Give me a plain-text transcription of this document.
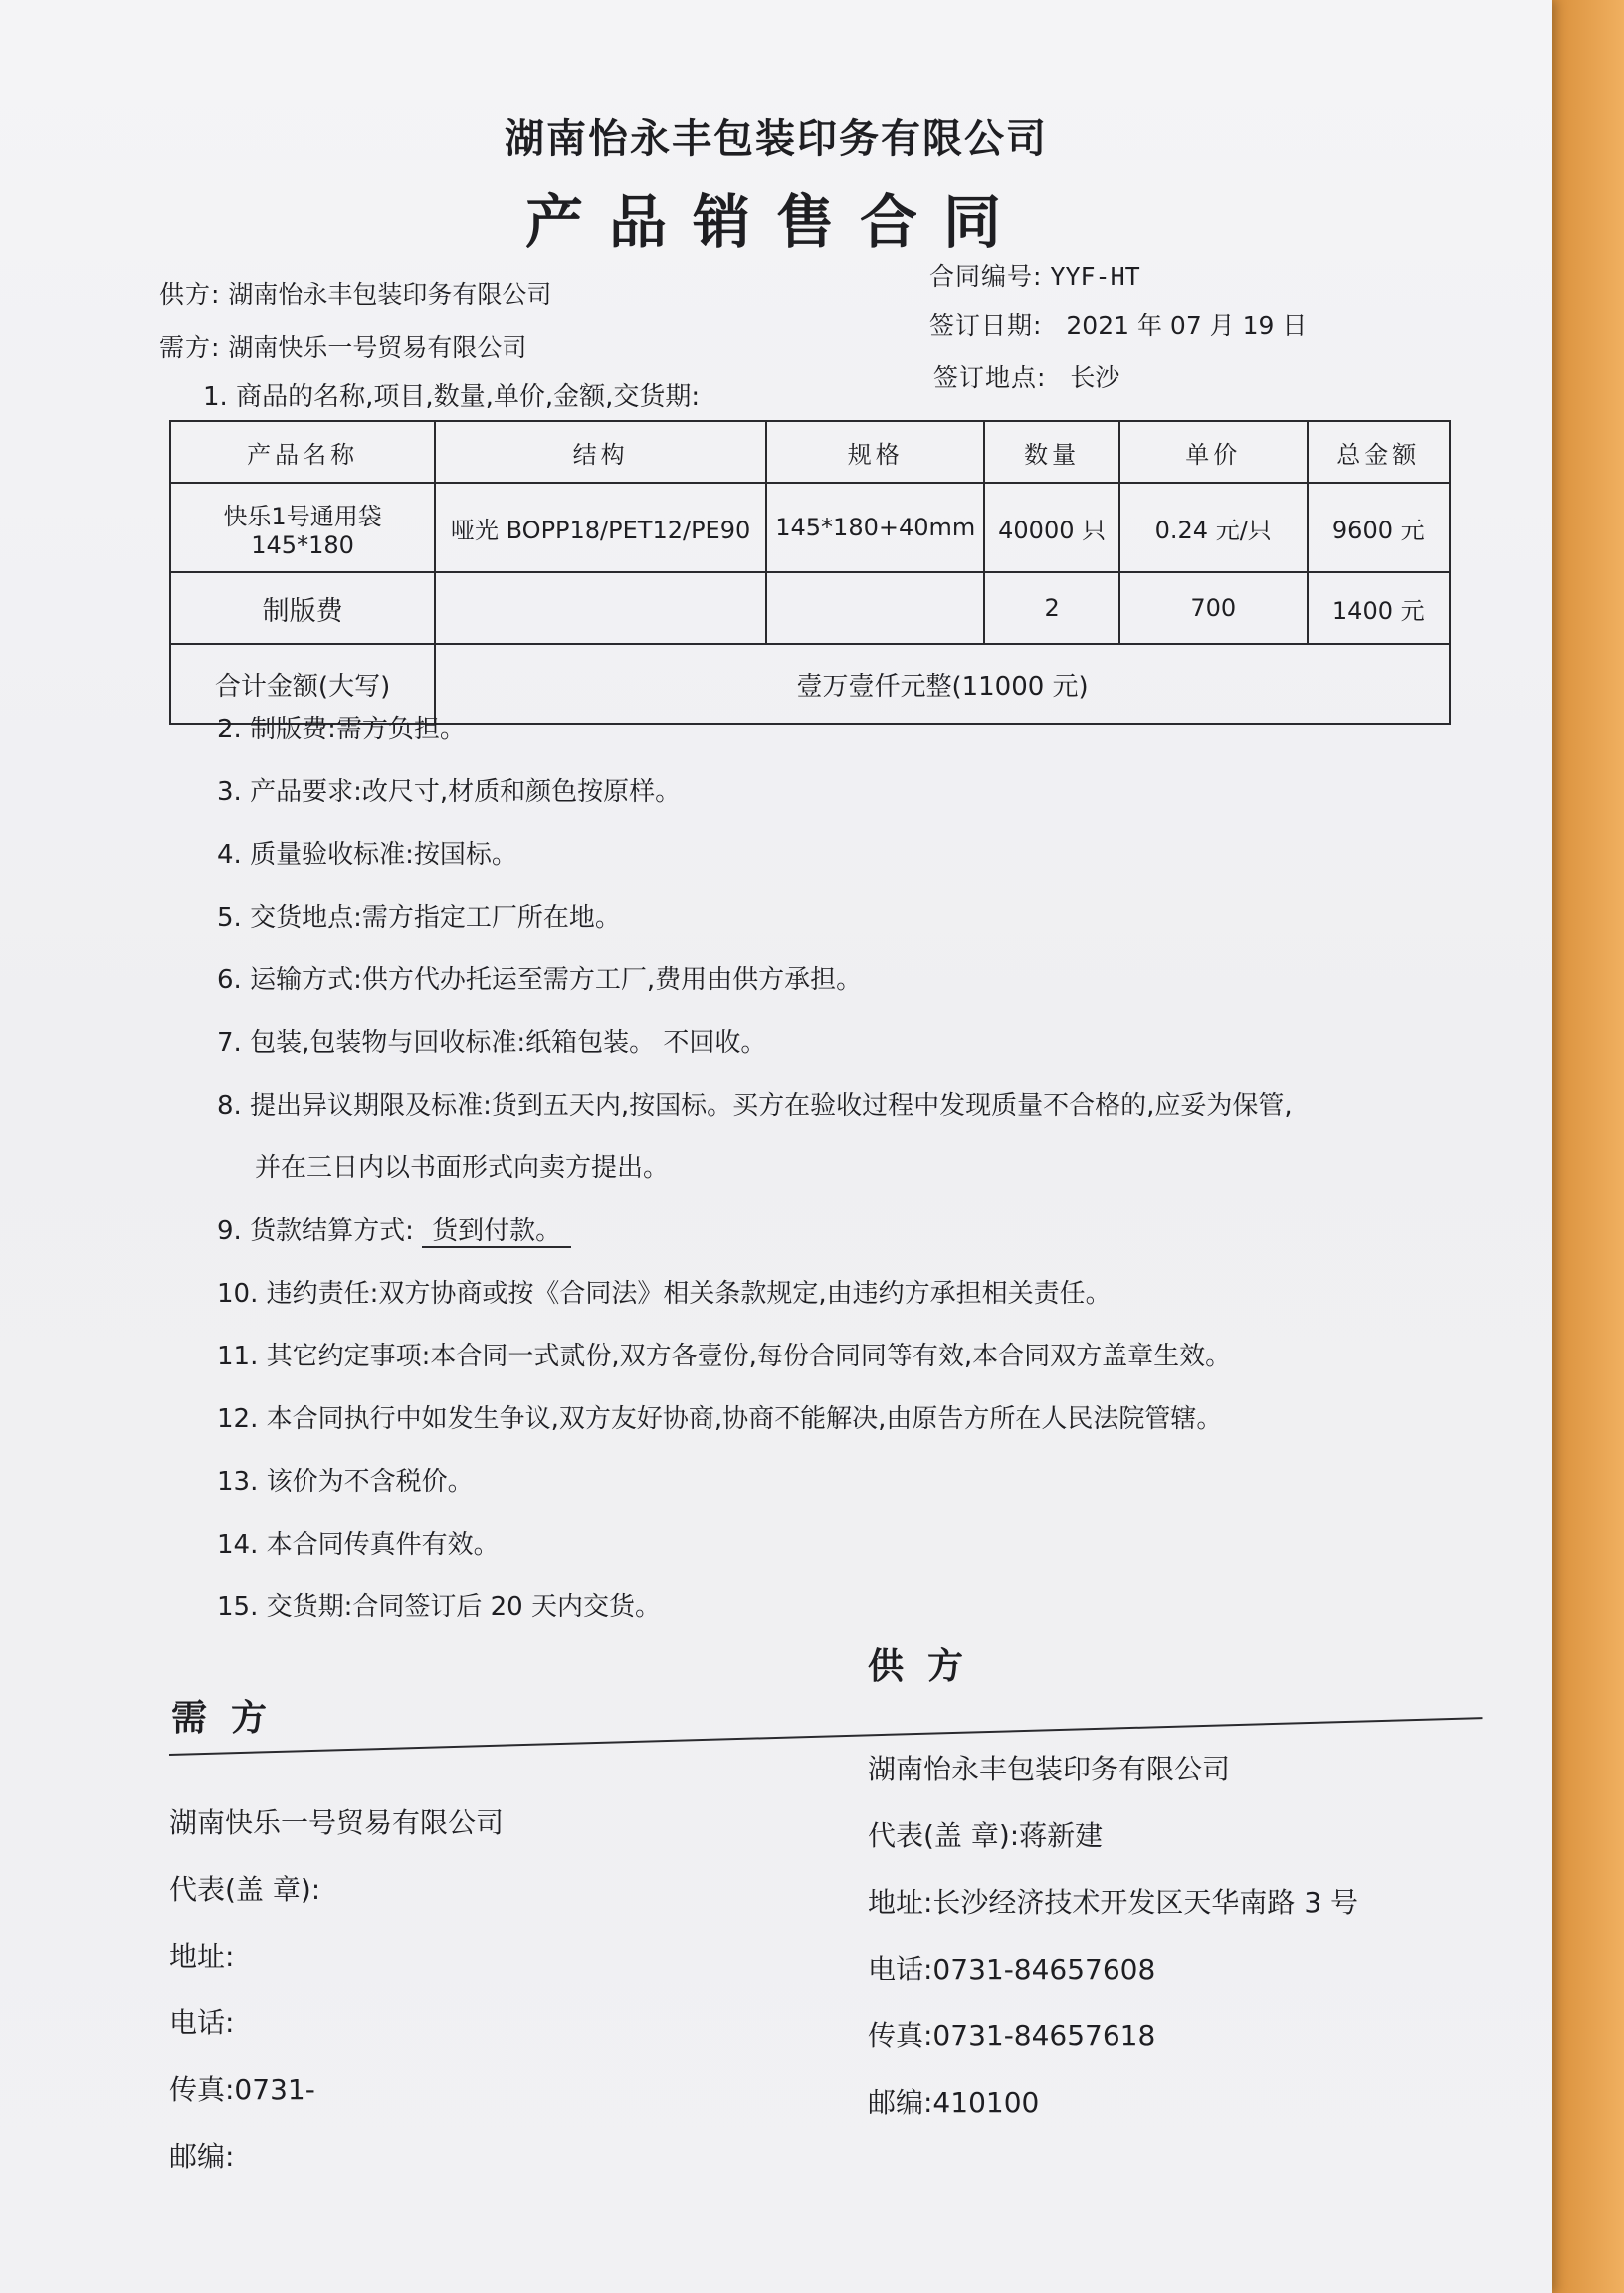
湖南怡永丰包装印务有限公司
产品销售合同
供方: 湖南怡永丰包装印务有限公司
需方: 湖南快乐一号贸易有限公司
合同编号: YYF-HT
签订日期: 2021 年 07 月 19 日
签订地点: 长沙
1. 商品的名称,项目,数量,单价,金额,交货期:
产品名称	结构	规格	数量	单价	总金额
快乐1号通用袋145*180	哑光 BOPP18/PET12/PE90	145*180+40mm	40000 只	0.24 元/只	9600 元
制版费			2	700	1400 元
合计金额(大写)	壹万壹仟元整(11000 元)				
2. 制版费:需方负担。
3. 产品要求:改尺寸,材质和颜色按原样。
4. 质量验收标准:按国标。
5. 交货地点:需方指定工厂所在地。
6. 运输方式:供方代办托运至需方工厂,费用由供方承担。
7. 包装,包装物与回收标准:纸箱包装。 不回收。
8. 提出异议期限及标准:货到五天内,按国标。买方在验收过程中发现质量不合格的,应妥为保管,
并在三日内以书面形式向卖方提出。
9. 货款结算方式: 货到付款。
10. 违约责任:双方协商或按《合同法》相关条款规定,由违约方承担相关责任。
11. 其它约定事项:本合同一式贰份,双方各壹份,每份合同同等有效,本合同双方盖章生效。
12. 本合同执行中如发生争议,双方友好协商,协商不能解决,由原告方所在人民法院管辖。
13. 该价为不含税价。
14. 本合同传真件有效。
15. 交货期:合同签订后 20 天内交货。
供方
需方
湖南怡永丰包装印务有限公司
代表(盖 章):蒋新建
地址:长沙经济技术开发区天华南路 3 号
电话:0731-84657608
传真:0731-84657618
邮编:410100
湖南快乐一号贸易有限公司
代表(盖 章):
地址:
电话:
传真:0731-
邮编:
